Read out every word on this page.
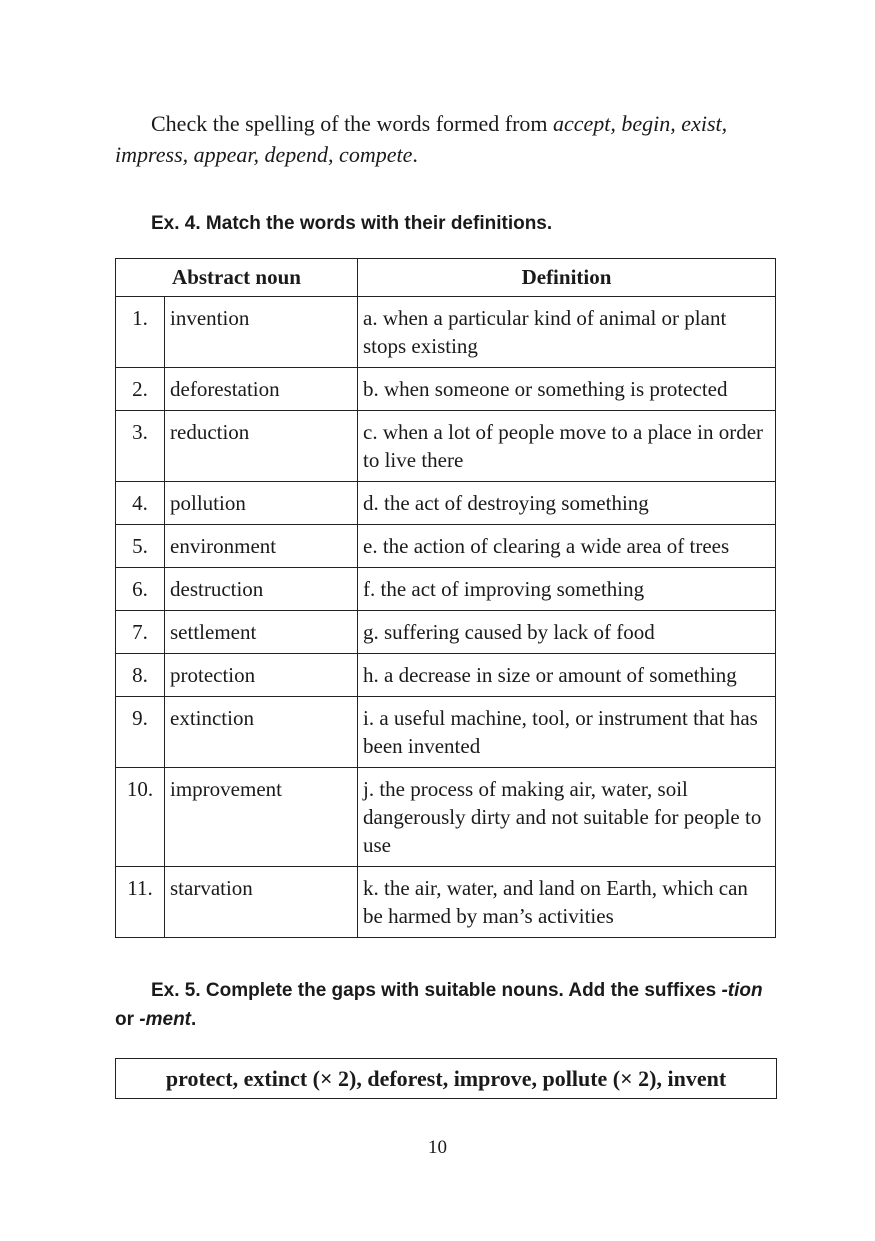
Check the spelling of the words formed from accept, begin, exist, impress, appear, depend, compete.

Ex. 4. Match the words with their definitions.

Abstract noun		Definition
1.	invention	a. when a particular kind of animal or plant stops existing
2.	deforestation	b. when someone or something is protected
3.	reduction	c. when a lot of people move to a place in order to live there
4.	pollution	d. the act of destroying something
5.	environment	e. the action of clearing a wide area of trees
6.	destruction	f. the act of improving something
7.	settlement	g. suffering caused by lack of food
8.	protection	h. a decrease in size or amount of something
9.	extinction	i. a useful machine, tool, or instrument that has been invented
10.	improvement	j. the process of making air, water, soil dangerously dirty and not suitable for people to use
11.	starvation	k. the air, water, and land on Earth, which can be harmed by man’s activities

Ex. 5. Complete the gaps with suitable nouns. Add the suffixes -tion or -ment.

protect, extinct (× 2), deforest, improve, pollute (× 2), invent
10
